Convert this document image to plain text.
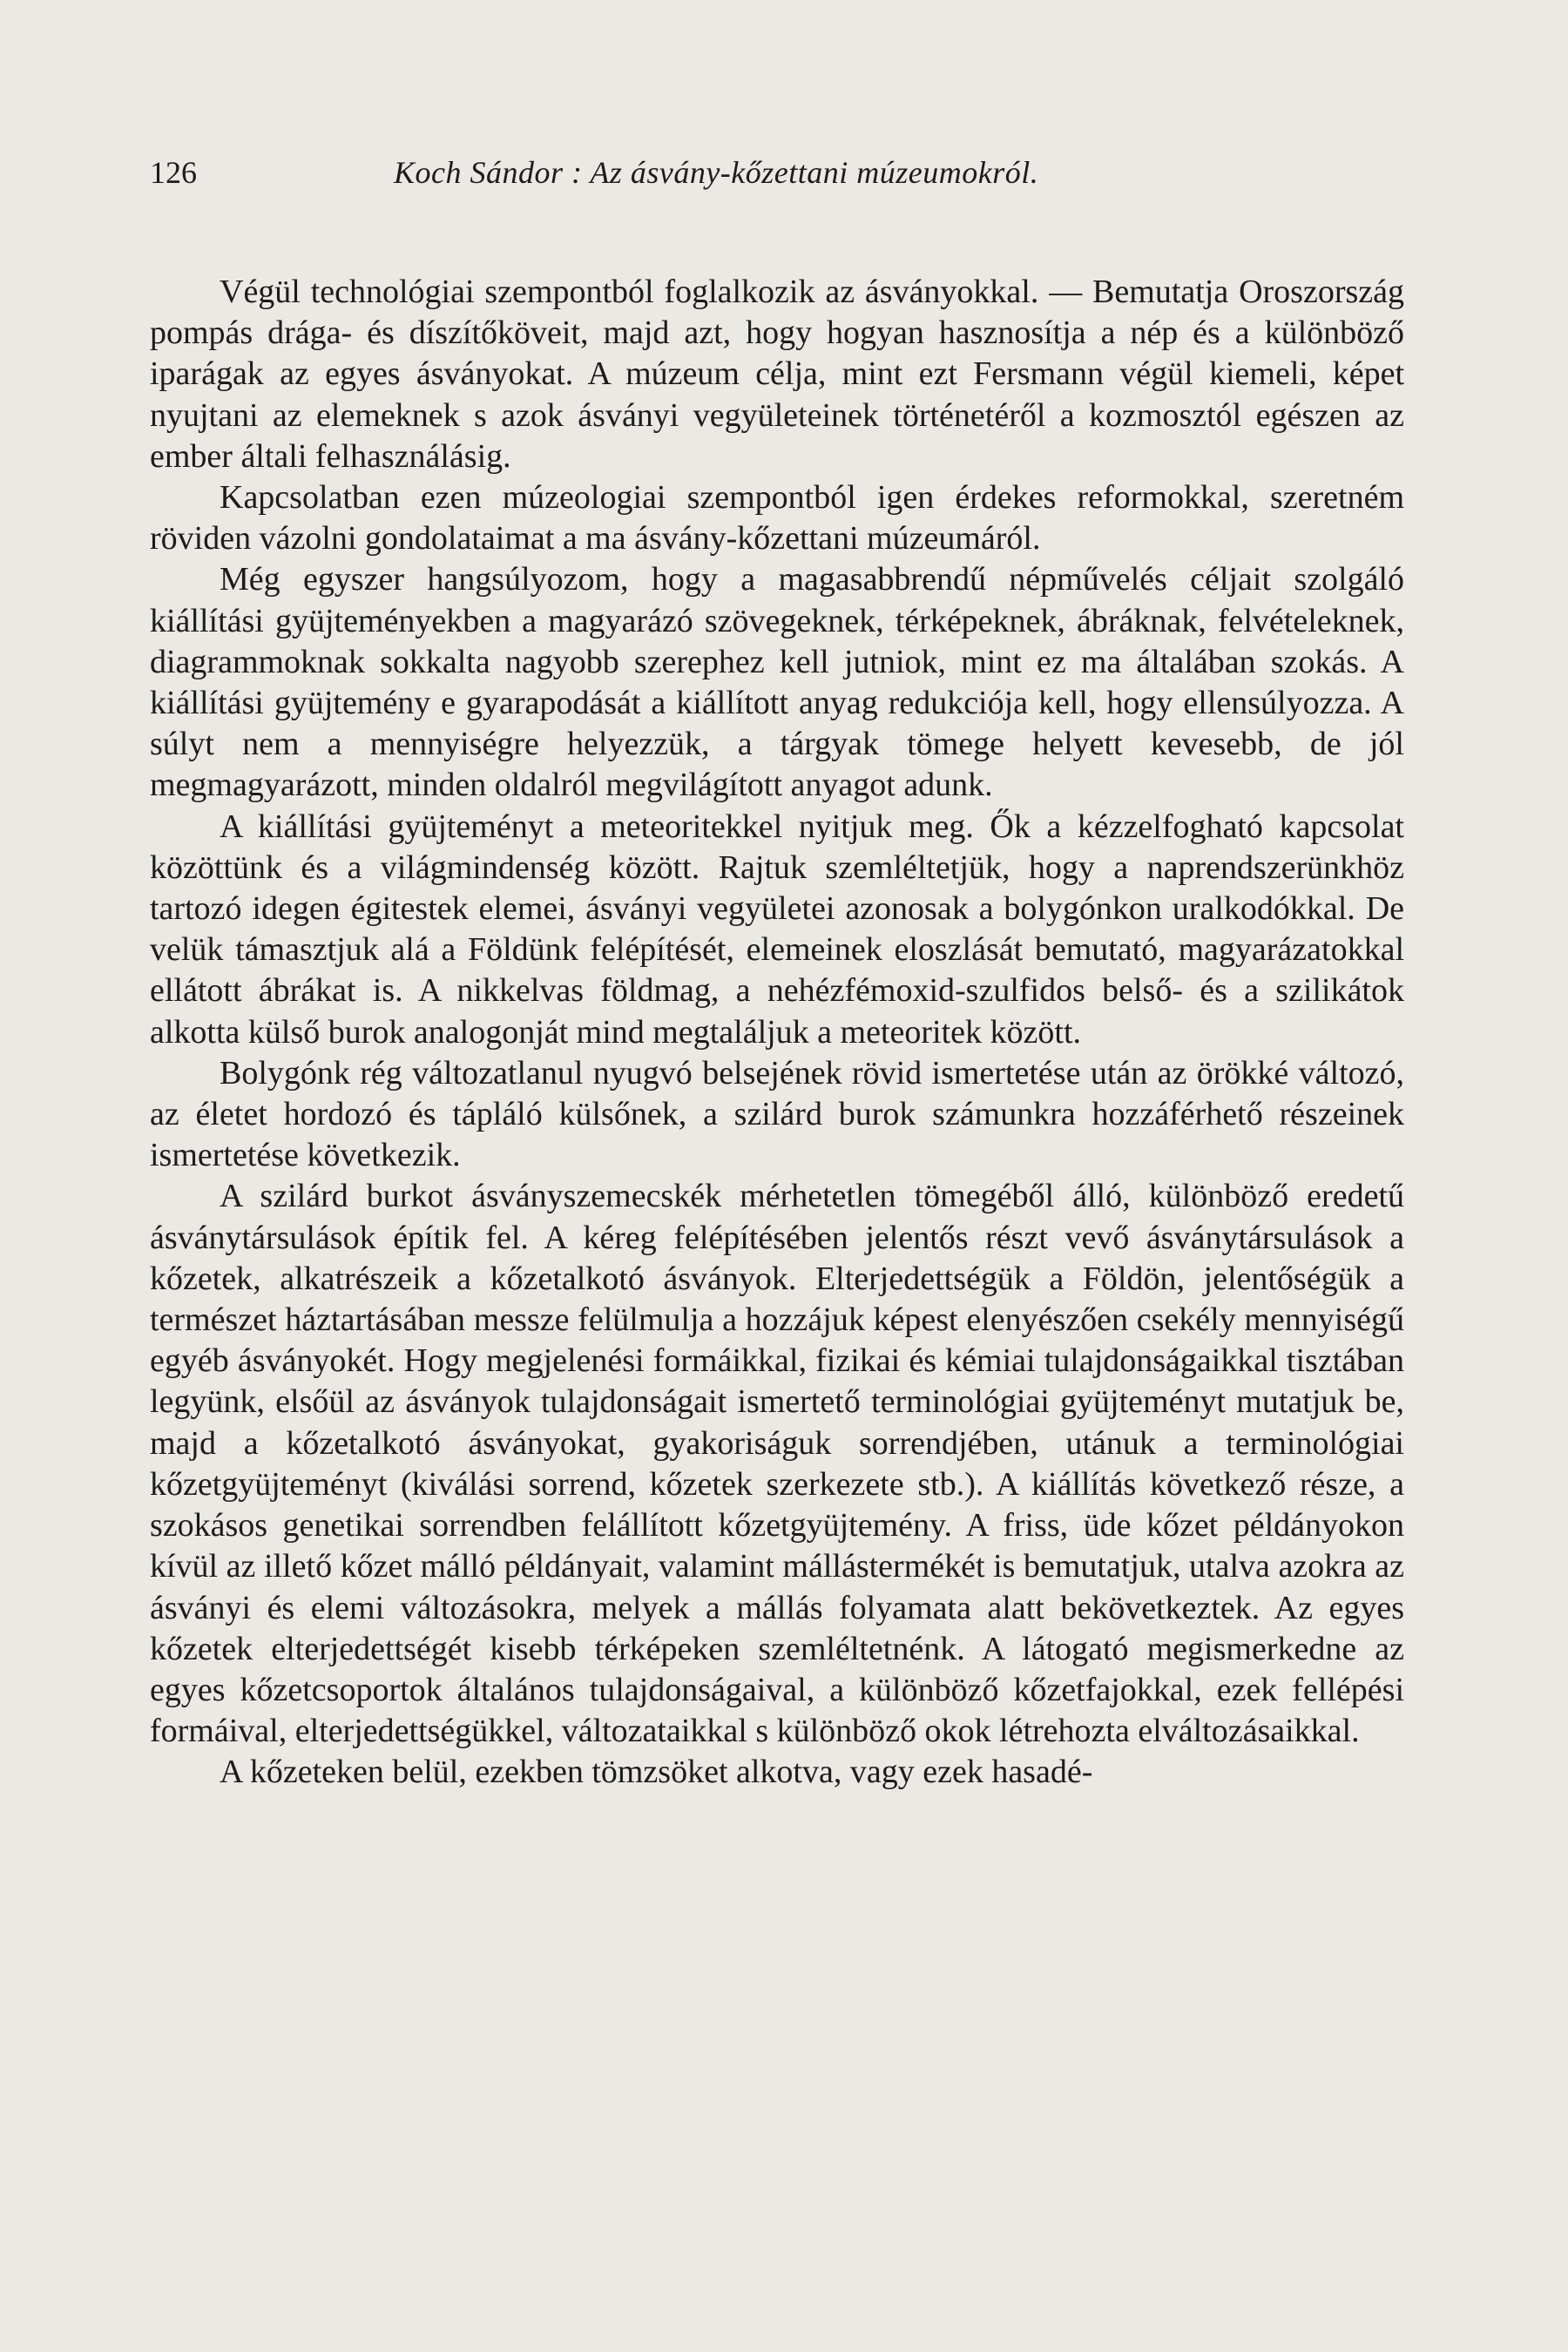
126	Koch Sándor : Az ásvány-kőzettani múzeumokról.

Végül technológiai szempontból foglalkozik az ásványokkal. — Bemutatja Oroszország pompás drága- és díszítőköveit, majd azt, hogy hogyan hasznosítja a nép és a különböző iparágak az egyes ásványokat. A múzeum célja, mint ezt Fersmann végül kiemeli, képet nyujtani az elemeknek s azok ásványi vegyületeinek történetéről a kozmosztól egészen az ember általi felhasználásig.

Kapcsolatban ezen múzeologiai szempontból igen érdekes reformokkal, szeretném röviden vázolni gondolataimat a ma ásvány-kőzettani múzeumáról.

Még egyszer hangsúlyozom, hogy a magasabbrendű népművelés céljait szolgáló kiállítási gyüjteményekben a magyarázó szövegeknek, térképeknek, ábráknak, felvételeknek, diagrammoknak sokkalta nagyobb szerephez kell jutniok, mint ez ma általában szokás. A kiállítási gyüjtemény e gyarapodását a kiállított anyag redukciója kell, hogy ellensúlyozza. A súlyt nem a mennyiségre helyezzük, a tárgyak tömege helyett kevesebb, de jól megmagyarázott, minden oldalról megvilágított anyagot adunk.

A kiállítási gyüjteményt a meteoritekkel nyitjuk meg. Ők a kézzelfogható kapcsolat közöttünk és a világmindenség között. Rajtuk szemléltetjük, hogy a naprendszerünkhöz tartozó idegen égitestek elemei, ásványi vegyületei azonosak a bolygónkon uralkodókkal. De velük támasztjuk alá a Földünk felépítését, elemeinek eloszlását bemutató, magyarázatokkal ellátott ábrákat is. A nikkelvas földmag, a nehézfémoxid-szulfidos belső- és a szilikátok alkotta külső burok analogonját mind megtaláljuk a meteoritek között.

Bolygónk rég változatlanul nyugvó belsejének rövid ismertetése után az örökké változó, az életet hordozó és tápláló külsőnek, a szilárd burok számunkra hozzáférhető részeinek ismertetése következik.

A szilárd burkot ásványszemecskék mérhetetlen tömegéből álló, különböző eredetű ásványtársulások építik fel. A kéreg felépítésében jelentős részt vevő ásványtársulások a kőzetek, alkatrészeik a kőzetalkotó ásványok. Elterjedettségük a Földön, jelentőségük a természet háztartásában messze felülmulja a hozzájuk képest elenyészően csekély mennyiségű egyéb ásványokét. Hogy megjelenési formáikkal, fizikai és kémiai tulajdonságaikkal tisztában legyünk, elsőül az ásványok tulajdonságait ismertető terminológiai gyüjteményt mutatjuk be, majd a kőzetalkotó ásványokat, gyakoriságuk sorrendjében, utánuk a terminológiai kőzetgyüjteményt (kiválási sorrend, kőzetek szerkezete stb.). A kiállítás következő része, a szokásos genetikai sorrendben felállított kőzetgyüjtemény. A friss, üde kőzet példányokon kívül az illető kőzet málló példányait, valamint mállástermékét is bemutatjuk, utalva azokra az ásványi és elemi változásokra, melyek a mállás folyamata alatt bekövetkeztek. Az egyes kőzetek elterjedettségét kisebb térképeken szemléltetnénk. A látogató megismerkedne az egyes kőzetcsoportok általános tulajdonságaival, a különböző kőzetfajokkal, ezek fellépési formáival, elterjedettségükkel, változataikkal s különböző okok létrehozta elváltozásaikkal.

A kőzeteken belül, ezekben tömzsöket alkotva, vagy ezek hasadé-
